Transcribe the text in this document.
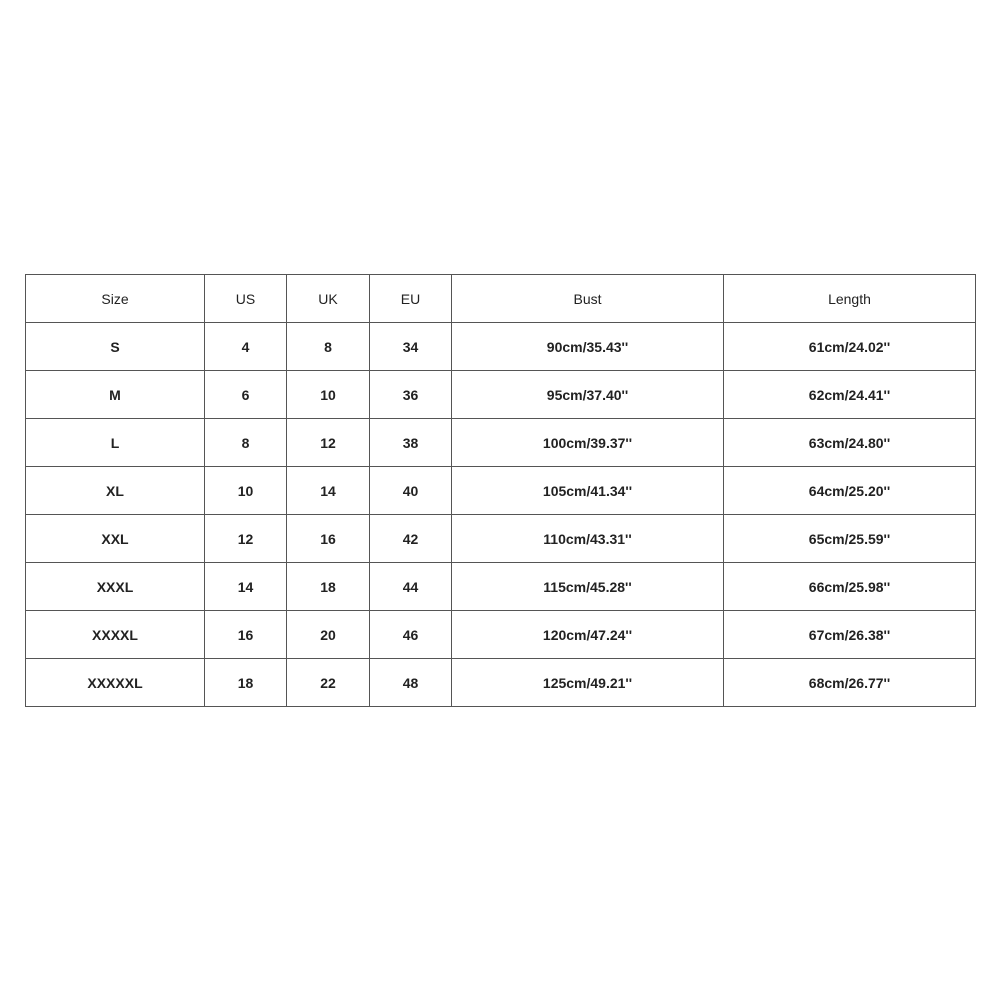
Size	US	UK	EU	Bust	Length
S	4	8	34	90cm/35.43''	61cm/24.02''
M	6	10	36	95cm/37.40''	62cm/24.41''
L	8	12	38	100cm/39.37''	63cm/24.80''
XL	10	14	40	105cm/41.34''	64cm/25.20''
XXL	12	16	42	110cm/43.31''	65cm/25.59''
XXXL	14	18	44	115cm/45.28''	66cm/25.98''
XXXXL	16	20	46	120cm/47.24''	67cm/26.38''
XXXXXL	18	22	48	125cm/49.21''	68cm/26.77''
